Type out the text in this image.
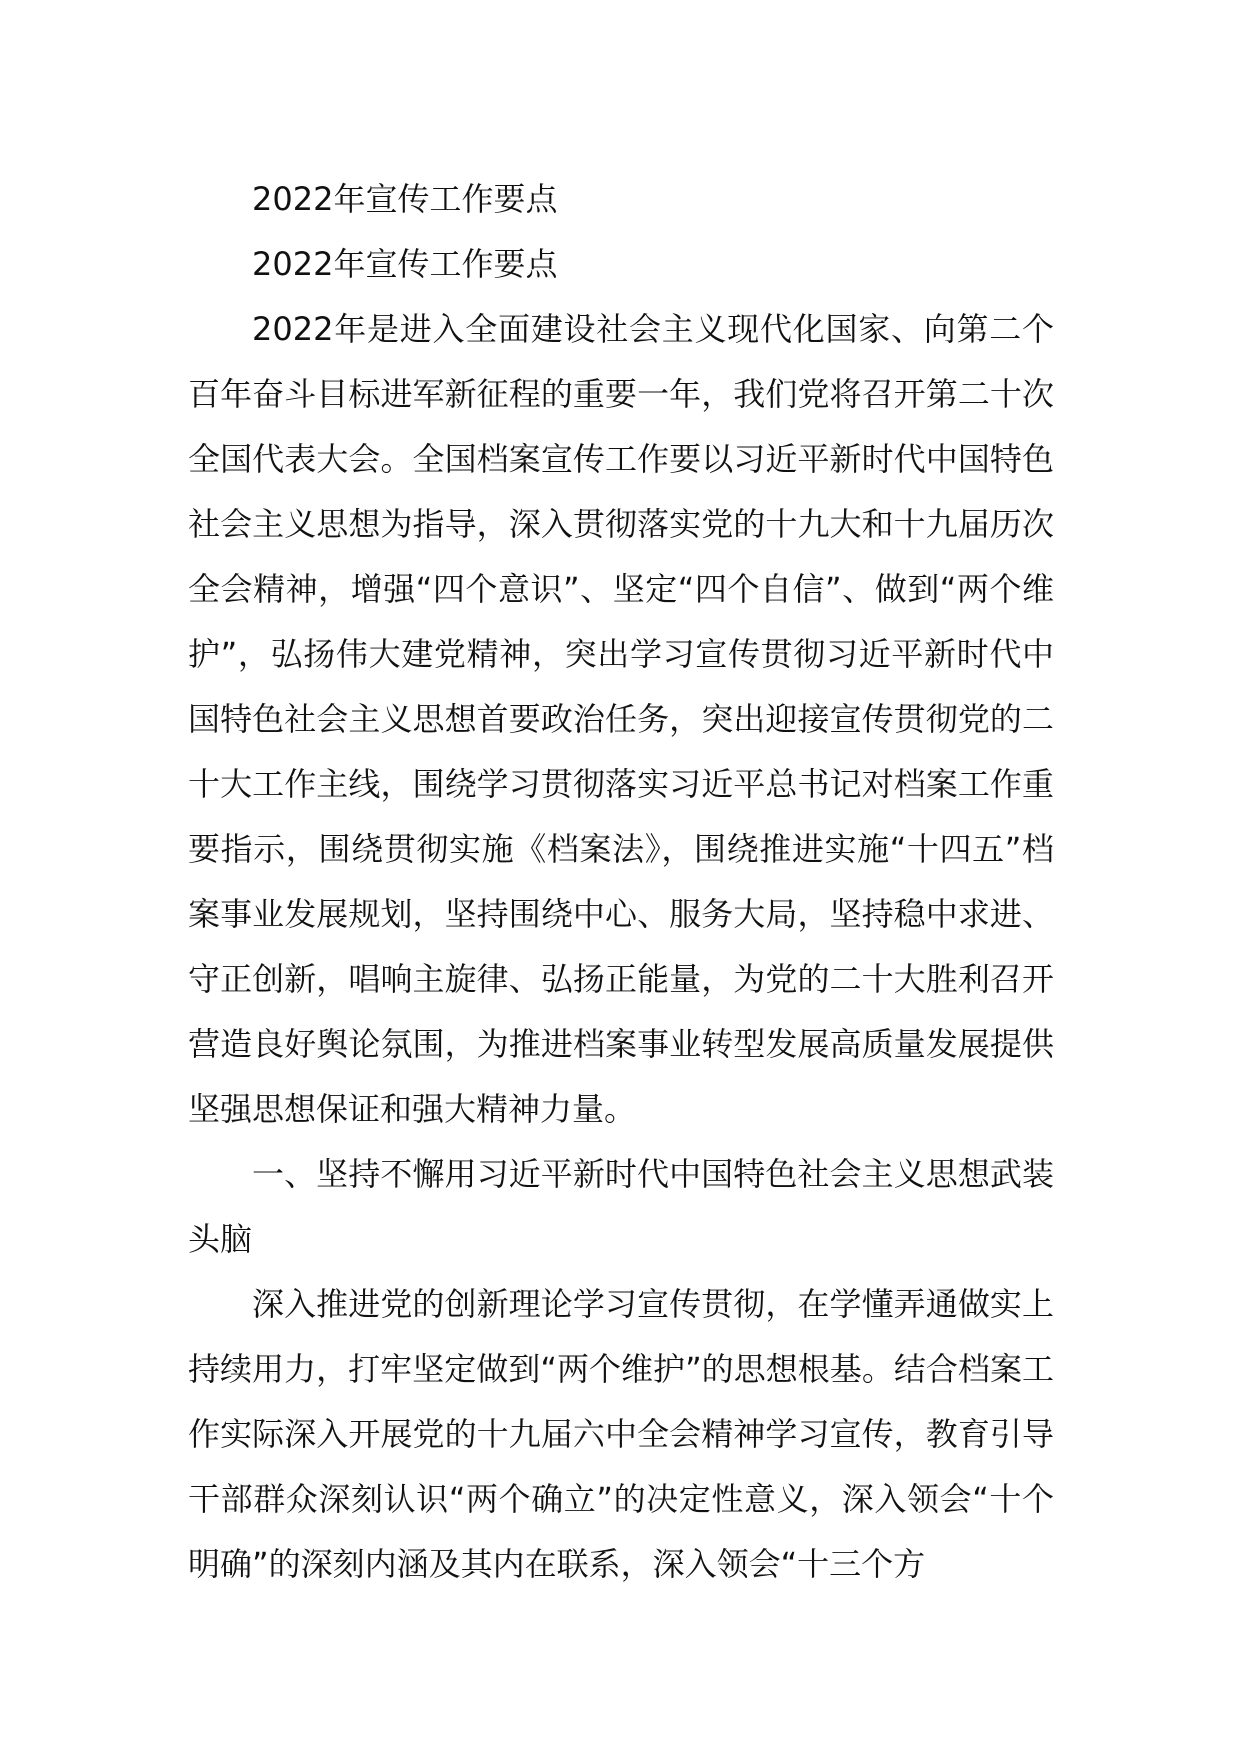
2022年宣传工作要点

2022年宣传工作要点

2022年是进入全面建设社会主义现代化国家、向第二个百年奋斗目标进军新征程的重要一年，我们党将召开第二十次全国代表大会。全国档案宣传工作要以习近平新时代中国特色社会主义思想为指导，深入贯彻落实党的十九大和十九届历次全会精神，增强“四个意识”、坚定“四个自信”、做到“两个维护”，弘扬伟大建党精神，突出学习宣传贯彻习近平新时代中国特色社会主义思想首要政治任务，突出迎接宣传贯彻党的二十大工作主线，围绕学习贯彻落实习近平总书记对档案工作重要指示，围绕贯彻实施《档案法》，围绕推进实施“十四五”档案事业发展规划，坚持围绕中心、服务大局，坚持稳中求进、守正创新，唱响主旋律、弘扬正能量，为党的二十大胜利召开营造良好舆论氛围，为推进档案事业转型发展高质量发展提供坚强思想保证和强大精神力量。

一、坚持不懈用习近平新时代中国特色社会主义思想武装头脑

深入推进党的创新理论学习宣传贯彻，在学懂弄通做实上持续用力，打牢坚定做到“两个维护”的思想根基。结合档案工作实际深入开展党的十九届六中全会精神学习宣传，教育引导干部群众深刻认识“两个确立”的决定性意义，深入领会“十个明确”的深刻内涵及其内在联系，深入领会“十三个方
